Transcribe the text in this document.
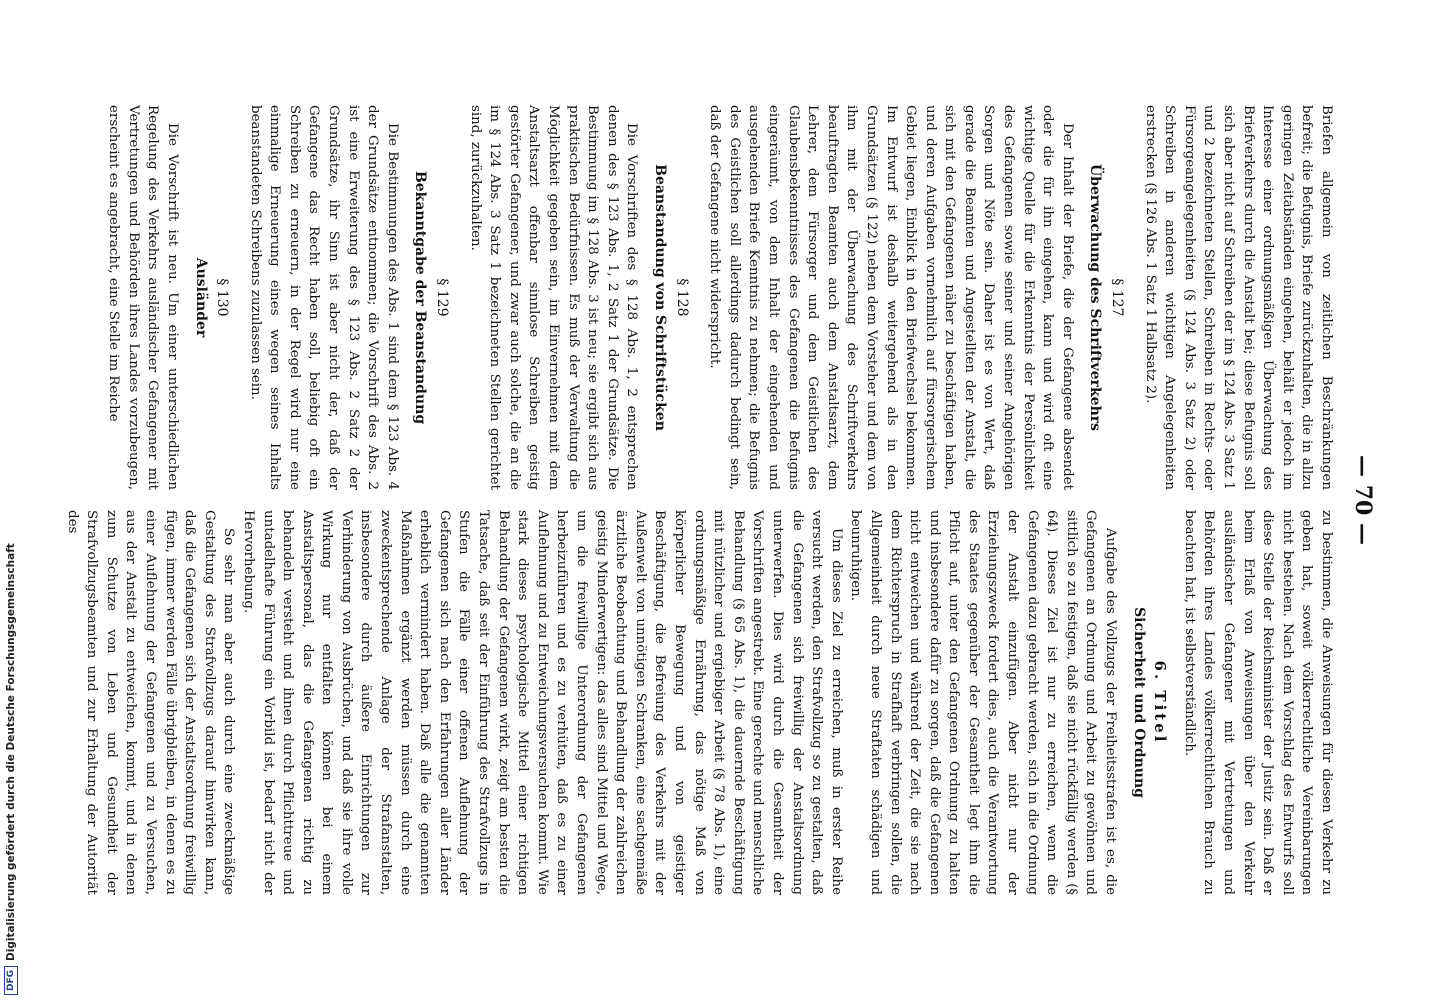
— 70 —
Briefen allgemein von zeitlichen Beschränkungen befreit; die Befugnis, Briefe zurückzuhalten, die in allzu geringen Zeitabständen eingehen, behält er jedoch im Interesse einer ordnungsmäßigen Überwachung des Briefverkehrs durch die Anstalt bei; diese Befugnis soll sich aber nicht auf Schreiben der im § 124 Abs. 3 Satz 1 und 2 bezeichneten Stellen, Schreiben in Rechts- oder Fürsorgeangelegenheiten (§ 124 Abs. 3 Satz 2) oder Schreiben in anderen wichtigen Angelegenheiten erstrecken (§ 126 Abs. 1 Satz 1 Halbsatz 2).
§ 127
Überwachung des Schriftverkehrs
Der Inhalt der Briefe, die der Gefangene absendet oder die für ihn eingehen, kann und wird oft eine wichtige Quelle für die Erkenntnis der Persönlichkeit des Gefangenen sowie seiner und seiner Angehörigen Sorgen und Nöte sein. Daher ist es von Wert, daß gerade die Beamten und Angestellten der Anstalt, die sich mit den Gefangenen näher zu beschäftigen haben, und deren Aufgaben vornehmlich auf fürsorgerischem Gebiet liegen, Einblick in den Briefwechsel bekommen. Im Entwurf ist deshalb weitergehend als in den Grundsätzen (§ 122) neben dem Vorsteher und dem von ihm mit der Überwachung des Schriftverkehrs beauftragten Beamten auch dem Anstaltsarzt, dem Lehrer, dem Fürsorger und dem Geistlichen des Glaubensbekenntnisses des Gefangenen die Befugnis eingeräumt, von dem Inhalt der eingehenden und ausgehenden Briefe Kenntnis zu nehmen; die Befugnis des Geistlichen soll allerdings dadurch bedingt sein, daß der Gefangene nicht widerspricht.
§ 128
Beanstandung von Schriftstücken
Die Vorschriften des § 128 Abs. 1, 2 entsprechen denen des § 123 Abs. 1, 2 Satz 1 der Grundsätze. Die Bestimmung im § 128 Abs. 3 ist neu; sie ergibt sich aus praktischen Bedürfnissen. Es muß der Verwaltung die Möglichkeit gegeben sein, im Einvernehmen mit dem Anstaltsarzt offenbar sinnlose Schreiben geistig gestörter Gefangener, und zwar auch solche, die an die im § 124 Abs. 3 Satz 1 bezeichneten Stellen gerichtet sind, zurückzuhalten.
§ 129
Bekanntgabe der Beanstandung
Die Bestimmungen des Abs. 1 sind dem § 123 Abs. 4 der Grundsätze entnommen; die Vorschrift des Abs. 2 ist eine Erweiterung des § 123 Abs. 2 Satz 2 der Grundsätze, ihr Sinn ist aber nicht der, daß der Gefangene das Recht haben soll, beliebig oft ein Schreiben zu erneuern, in der Regel wird nur eine einmalige Erneuerung eines wegen seines Inhalts beanstandeten Schreibens zuzulassen sein.
§ 130
Ausländer
Die Vorschrift ist neu. Um einer unterschiedlichen Regelung des Verkehrs ausländischer Gefangener mit Vertretungen und Behörden ihres Landes vorzubeugen, erscheint es angebracht, eine Stelle im Reiche
zu bestimmen, die Anweisungen für diesen Verkehr zu geben hat, soweit völkerrechtliche Vereinbarungen nicht bestehen. Nach dem Vorschlag des Entwurfs soll diese Stelle der Reichsminister der Justiz sein. Daß er beim Erlaß von Anweisungen über den Verkehr ausländischer Gefangener mit Vertretungen und Behörden ihres Landes völkerrechtlichen Brauch zu beachten hat, ist selbstverständlich.
6. Titel
Sicherheit und Ordnung
Aufgabe des Vollzugs der Freiheitsstrafen ist es, die Gefangenen an Ordnung und Arbeit zu gewöhnen und sittlich so zu festigen, daß sie nicht rückfällig werden (§ 64). Dieses Ziel ist nur zu erreichen, wenn die Gefangenen dazu gebracht werden, sich in die Ordnung der Anstalt einzufügen. Aber nicht nur der Erziehungszweck fordert dies, auch die Verantwortung des Staates gegenüber der Gesamtheit legt ihm die Pflicht auf, unter den Gefangenen Ordnung zu halten und insbesondere dafür zu sorgen, daß die Gefangenen nicht entweichen und während der Zeit, die sie nach dem Richterspruch in Strafhaft verbringen sollen, die Allgemeinheit durch neue Straftaten schädigen und beunruhigen.
Um dieses Ziel zu erreichen, muß in erster Reihe versucht werden, den Strafvollzug so zu gestalten, daß die Gefangenen sich freiwillig der Anstaltsordnung unterwerfen. Dies wird durch die Gesamtheit der Vorschriften angestrebt. Eine gerechte und menschliche Behandlung (§ 65 Abs. 1), die dauernde Beschäftigung mit nützlicher und ergiebiger Arbeit (§ 78 Abs. 1), eine ordnungsmäßige Ernährung, das nötige Maß von körperlicher Bewegung und von geistiger Beschäftigung, die Befreiung des Verkehrs mit der Außenwelt von unnötigen Schranken, eine sachgemäße ärztliche Beobachtung und Behandlung der zahlreichen geistig Minderwertigen: das alles sind Mittel und Wege, um die freiwillige Unterordnung der Gefangenen herbeizuführen und es zu verhüten, daß es zu einer Auflehnung und zu Entweichungsversuchen kommt. Wie stark dieses psychologische Mittel einer richtigen Behandlung der Gefangenen wirkt, zeigt am besten die Tatsache, daß seit der Einführung des Strafvollzugs in Stufen die Fälle einer offenen Auflehnung der Gefangenen sich nach den Erfahrungen aller Länder erheblich vermindert haben. Daß alle die genannten Maßnahmen ergänzt werden müssen durch eine zweckentsprechende Anlage der Strafanstalten, insbesondere durch äußere Einrichtungen zur Verhinderung von Ausbrüchen, und daß sie ihre volle Wirkung nur entfalten können bei einem Anstaltspersonal, das die Gefangenen richtig zu behandeln versteht und ihnen durch Pflichttreue und untadelhafte Führung ein Vorbild ist, bedarf nicht der Hervorhebung.
So sehr man aber auch durch eine zweckmäßige Gestaltung des Strafvollzugs darauf hinwirken kann, daß die Gefangenen sich der Anstaltsordnung freiwillig fügen, immer werden Fälle übrigbleiben, in denen es zu einer Auflehnung der Gefangenen und zu Versuchen, aus der Anstalt zu entweichen, kommt, und in denen zum Schutze von Leben und Gesundheit der Strafvollzugsbeamten und zur Erhaltung der Autorität des
DFGDigitalisierung gefördert durch die Deutsche Forschungsgemeinschaft
